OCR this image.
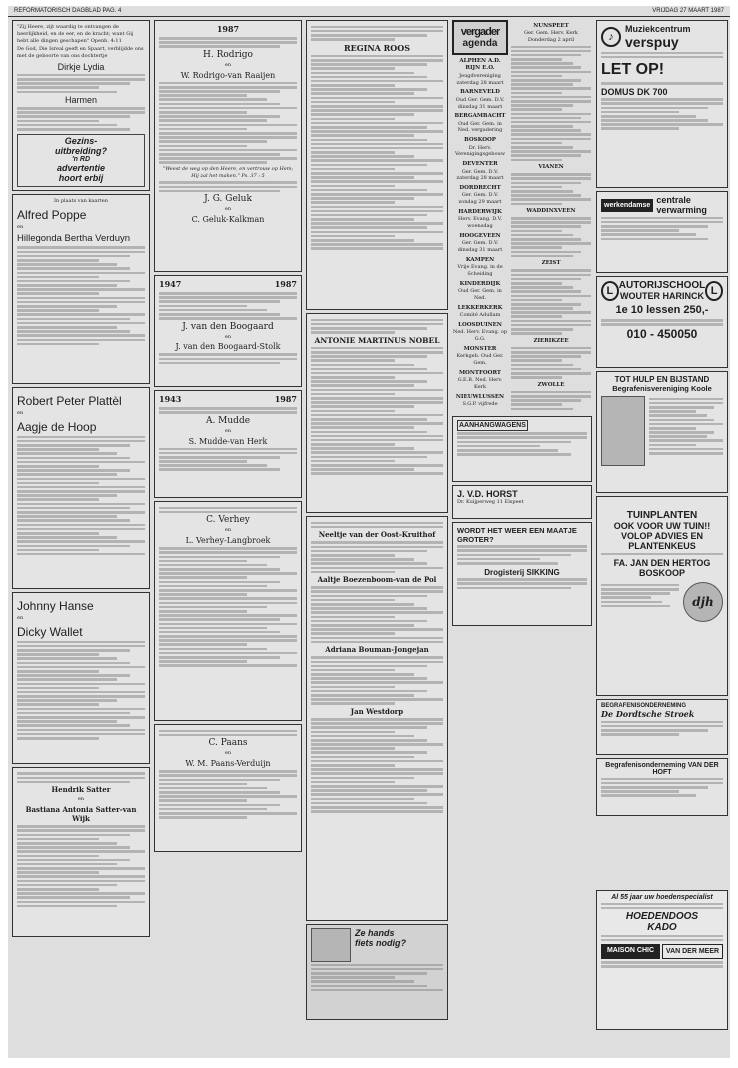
REFORMATORISCH DAGBLAD PAG. 4	VRIJDAG 27 MAART 1987
"Zij Heere, zijt waardig te ontvangen de heerlijkheid, en de eer, en de kracht; want Gij hebt alle dingen geschapen" Openb. 4:11
De God, Die Isreal geeft en Spaart, verblijdde ons met de geboorte van ons dochtertje
Dirkje Lydia
Harmen
Gezins-
uitbreiding?
'n RD
advertentie
hoort erbij
In plaats van kaarten
Alfred Poppe
en
Hillegonda Bertha Verduyn
Robert Peter Plattèl
en
Aagje de Hoop
Johnny Hanse
en
Dicky Wallet
Hendrik Satter
en
Bastiana Antonia Satter-van Wijk
1987
H. Rodrigo
en
W. Rodrigo-van Raaijen
"Weest de weg op den Heere, en vertrouw op Hem; Hij zal het maken." Ps. 37 : 5
J. G. Geluk
en
C. Geluk-Kalkman
1947	1987

J. van den Boogaard
en
J. van den Boogaard-Stolk
1943	1987

A. Mudde
en
S. Mudde-van Herk
C. Verhey
en
L. Verhey-Langbroek
C. Paans
en
W. M. Paans-Verduijn
REGINA ROOS
ANTONIE MARTINUS NOBEL
Neeltje van der Oost-Kruithof
Aaltje Boezenboom-van de Pol
Adriana Bouman-Jongejan
Jan Westdorp
Ze hands
fiets nodig?
vergader
agenda
ALPHEN A.D. RIJN E.O.

Jeugdvereniging zaterdag 28 maart

BARNEVELD

Oud Ger. Gem. D.V. dinsdag 31 maart

BERGAMBACHT

Oud Ger. Gem. in Ned. vergadering

BOSKOOP

Dr. Herv. Verenigingsgebouw

DEVENTER

Ger. Gem. D.V. zaterdag 28 maart

DORDRECHT

Ger. Gem. D.V. zondag 29 maart

HARDERWIJK

Herv. Evang. D.V. woensdag

HOOGEVEEN

Ger. Gem. D.V. dinsdag 31 maart

KAMPEN

Vrije Evang. in de Scheiding

KINDERDIJK

Oud Ger. Gem. in Ned.

LEKKERKERK

Comité Adullam

LOOSDUINEN

Ned. Herv. Evang. op G.G.

MONSTER

Kerkgeb. Oud Ger. Gem.

MONTFOORT

G.E.B. Ned. Herv. Kerk

NIEUWLUSSEN

S.G.P. vijfrede

NUNSPEET

Ger. Gem. Herv. Kerk Donderdag 2 april

VIANEN
WADDINXVEEN
ZEIST
ZIERIKZEE
ZWOLLE
AANHANGWAGENS
J. V.D. HORST
Dr. Kuijperweg 11 Elspeet
WORDT HET WEER EEN MAATJE GROTER?
Drogisterij SIKKING
♪
Muziekcentrum
verspuy
LET OP!
DOMUS DK 700
werkendamse centrale verwarming
L AUTORIJSCHOOL
WOUTER HARINCK L
1e 10 lessen 250,-
010 - 450050
TOT HULP EN BIJSTAND
Begrafenisvereniging Koole
TUINPLANTEN
OOK VOOR UW TUIN!!
VOLOP ADVIES EN
PLANTENKEUS
FA. JAN DEN HERTOG
BOSKOOP
djh
BEGRAFENISONDERNEMING
De Dordtsche Stroek
Begrafenisonderneming VAN DER HOFT
Al 55 jaar uw hoedenspecialist
HOEDENDOOS
KADO
MAISON CHIC	VAN DER MEER
